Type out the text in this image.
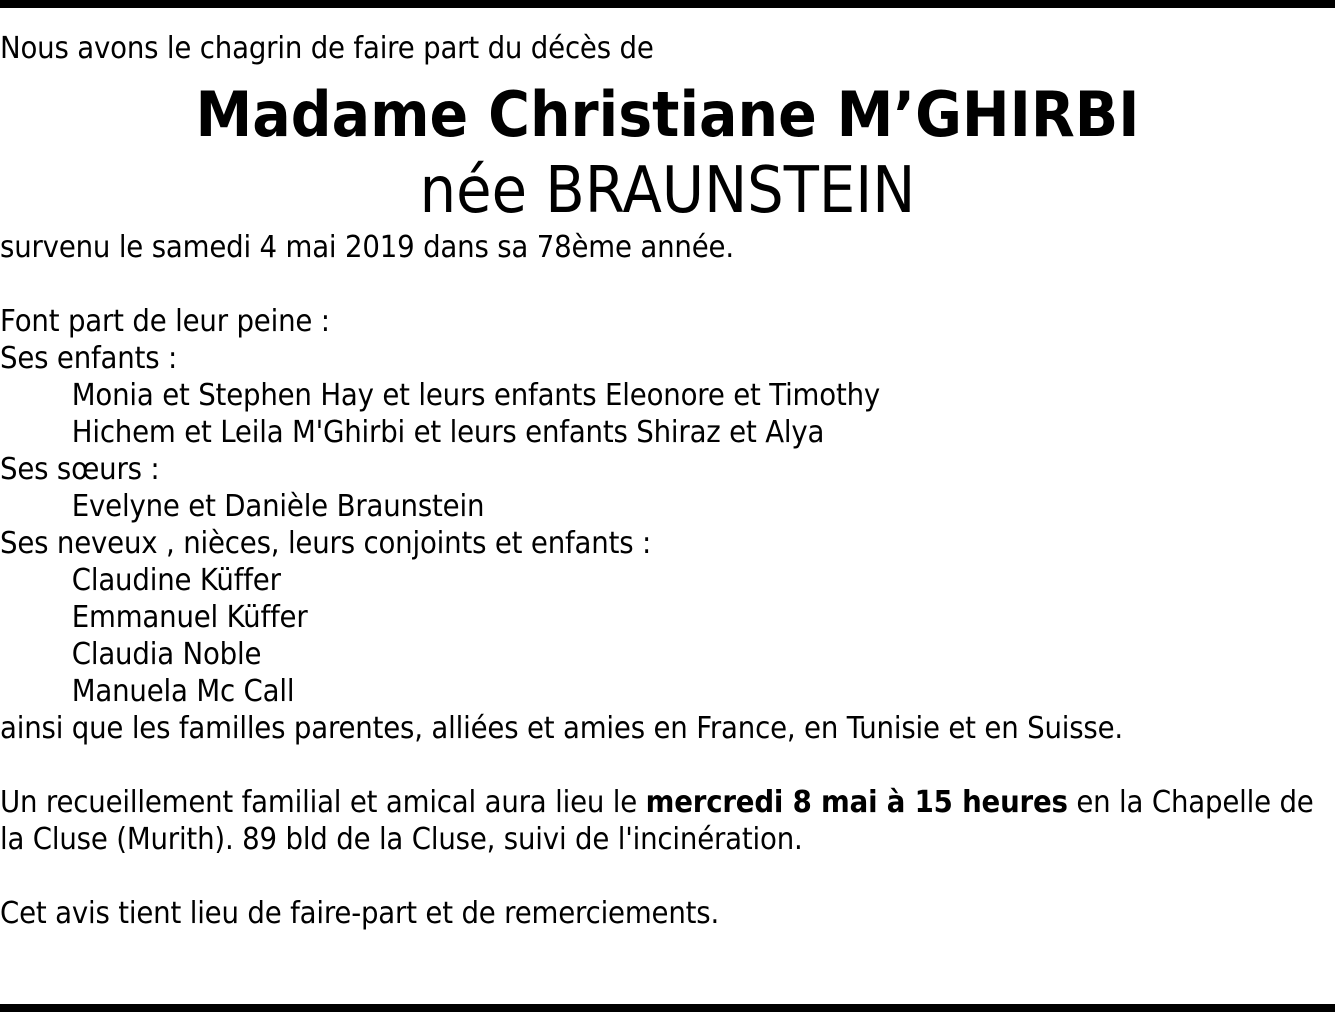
Nous avons le chagrin de faire part du décès de
Madame Christiane M’GHIRBI
née BRAUNSTEIN
survenu le samedi 4 mai 2019 dans sa 78ème année.
Font part de leur peine :
Ses enfants :
Monia et Stephen Hay et leurs enfants Eleonore et Timothy
Hichem et Leila M'Ghirbi et leurs enfants Shiraz et Alya
Ses sœurs :
Evelyne et Danièle Braunstein
Ses neveux , nièces, leurs conjoints et enfants :
Claudine Küffer
Emmanuel Küffer
Claudia Noble
Manuela Mc Call
ainsi que les familles parentes, alliées et amies en France, en Tunisie et en Suisse.
Un recueillement familial et amical aura lieu le mercredi 8 mai à 15 heures en la Chapelle de
la Cluse (Murith). 89 bld de la Cluse, suivi de l'incinération.
Cet avis tient lieu de faire-part et de remerciements.
